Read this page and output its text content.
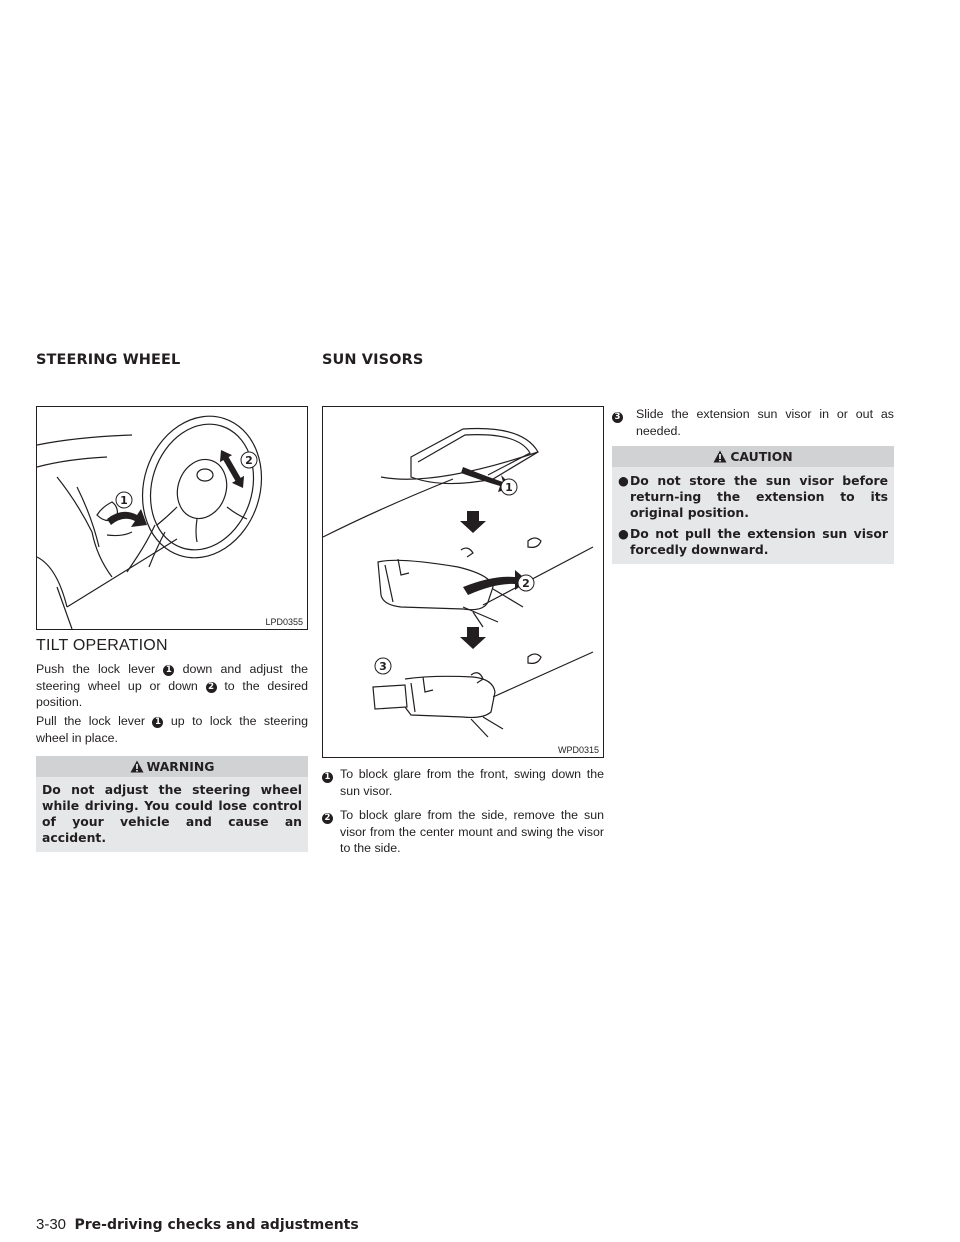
STEERING WHEEL	SUN VISORS
1
2
LPD0355
TILT OPERATION

Push the lock lever 1 down and adjust the steering wheel up or down 2 to the desired position.

Pull the lock lever 1 up to lock the steering wheel in place.

WARNING
Do not adjust the steering wheel while driving. You could lose control of your vehicle and cause an accident.
1
2
3
WPD0315
1 To block glare from the front, swing down the sun visor.
2 To block glare from the side, remove the sun visor from the center mount and swing the visor to the side.
3	Slide the extension sun visor in or out as needed.
CAUTION
● Do not store the sun visor before return-ing the extension to its original position.
● Do not pull the extension sun visor forcedly downward.
3-30 Pre-driving checks and adjustments
